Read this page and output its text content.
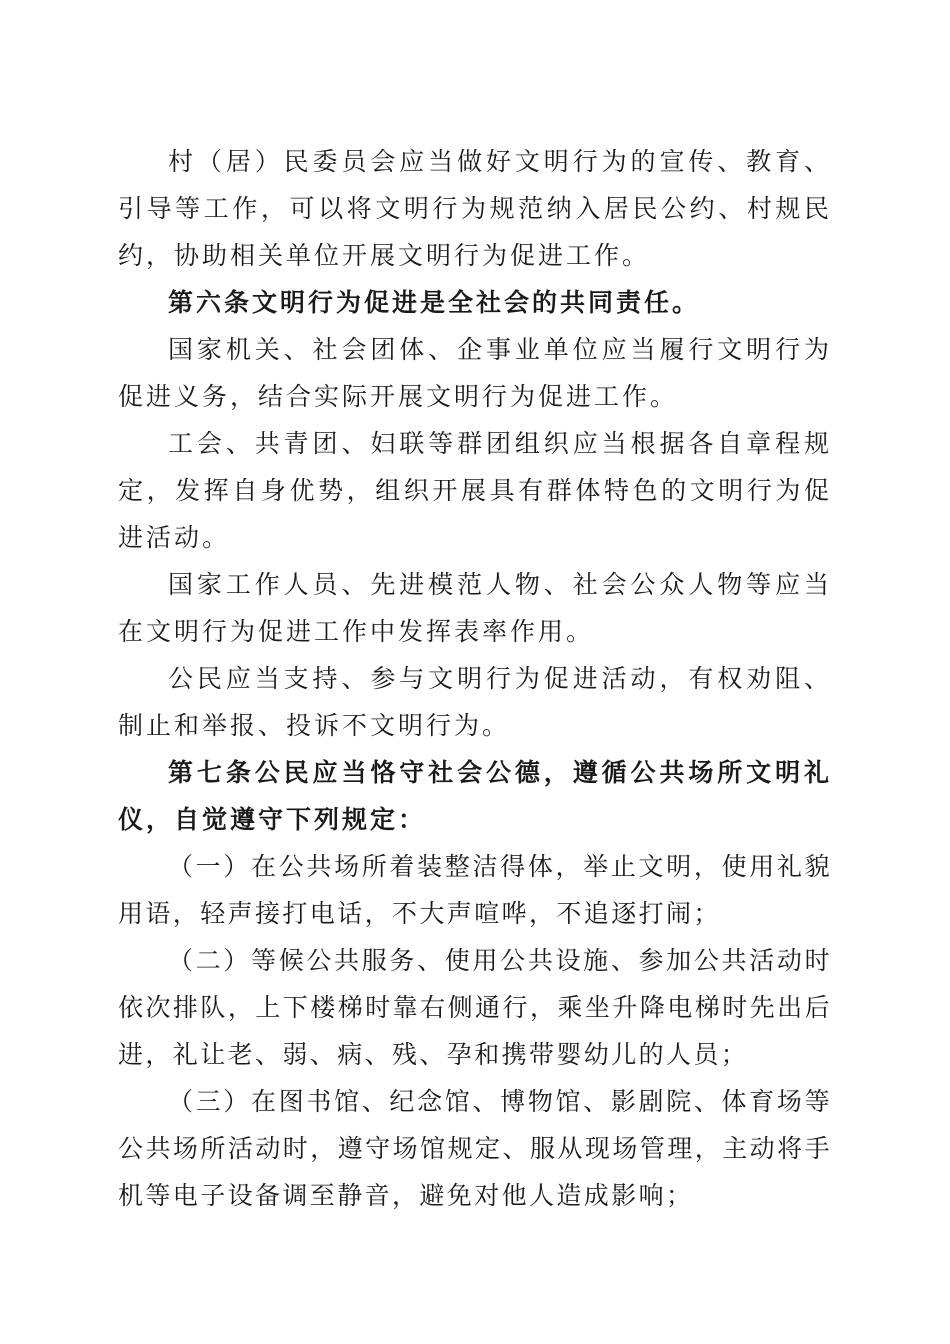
村（居）民委员会应当做好文明行为的宣传、教育、引导等工作，可以将文明行为规范纳入居民公约、村规民约，协助相关单位开展文明行为促进工作。

第六条文明行为促进是全社会的共同责任。

国家机关、社会团体、企事业单位应当履行文明行为促进义务，结合实际开展文明行为促进工作。

工会、共青团、妇联等群团组织应当根据各自章程规定，发挥自身优势，组织开展具有群体特色的文明行为促进活动。

国家工作人员、先进模范人物、社会公众人物等应当在文明行为促进工作中发挥表率作用。

公民应当支持、参与文明行为促进活动，有权劝阻、制止和举报、投诉不文明行为。

第七条公民应当恪守社会公德，遵循公共场所文明礼仪，自觉遵守下列规定：

（一）在公共场所着装整洁得体，举止文明，使用礼貌用语，轻声接打电话，不大声喧哗，不追逐打闹；

（二）等候公共服务、使用公共设施、参加公共活动时依次排队，上下楼梯时靠右侧通行，乘坐升降电梯时先出后进，礼让老、弱、病、残、孕和携带婴幼儿的人员；

（三）在图书馆、纪念馆、博物馆、影剧院、体育场等公共场所活动时，遵守场馆规定、服从现场管理，主动将手机等电子设备调至静音，避免对他人造成影响；
